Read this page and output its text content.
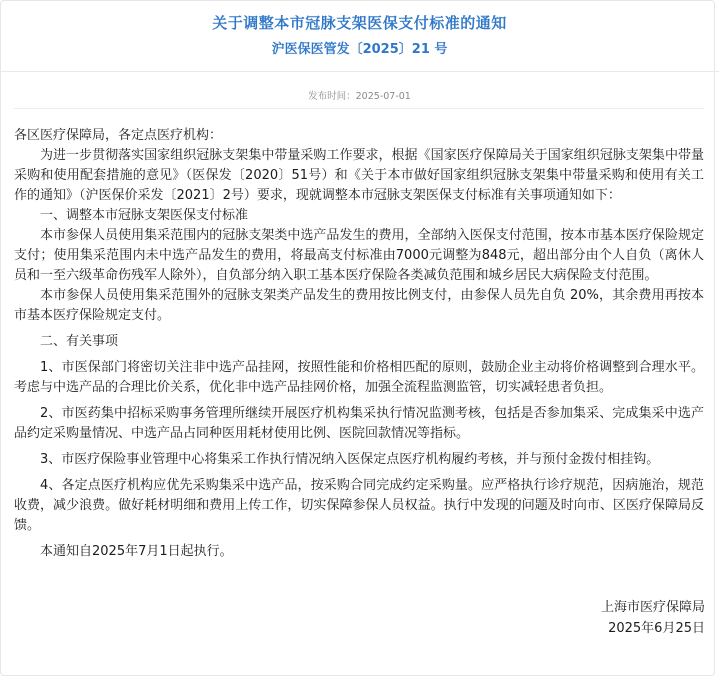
关于调整本市冠脉支架医保支付标准的通知
沪医保医管发〔2025〕21 号
发布时间：2025-07-01

各区医疗保障局，各定点医疗机构：

为进一步贯彻落实国家组织冠脉支架集中带量采购工作要求，根据《国家医疗保障局关于国家组织冠脉支架集中带量采购和使用配套措施的意见》（医保发〔2020〕51号）和《关于本市做好国家组织冠脉支架集中带量采购和使用有关工作的通知》（沪医保价采发〔2021〕2号）要求，现就调整本市冠脉支架医保支付标准有关事项通知如下：

一、调整本市冠脉支架医保支付标准

本市参保人员使用集采范围内的冠脉支架类中选产品发生的费用，全部纳入医保支付范围，按本市基本医疗保险规定支付；使用集采范围内未中选产品发生的费用，将最高支付标准由7000元调整为848元，超出部分由个人自负（离休人员和一至六级革命伤残军人除外），自负部分纳入职工基本医疗保险各类减负范围和城乡居民大病保险支付范围。

本市参保人员使用集采范围外的冠脉支架类产品发生的费用按比例支付，由参保人员先自负 20%，其余费用再按本市基本医疗保险规定支付。

二、有关事项

1、市医保部门将密切关注非中选产品挂网，按照性能和价格相匹配的原则，鼓励企业主动将价格调整到合理水平。考虑与中选产品的合理比价关系，优化非中选产品挂网价格，加强全流程监测监管，切实减轻患者负担。

2、市医药集中招标采购事务管理所继续开展医疗机构集采执行情况监测考核，包括是否参加集采、完成集采中选产品约定采购量情况、中选产品占同种医用耗材使用比例、医院回款情况等指标。

3、市医疗保险事业管理中心将集采工作执行情况纳入医保定点医疗机构履约考核，并与预付金拨付相挂钩。

4、各定点医疗机构应优先采购集采中选产品，按采购合同完成约定采购量。应严格执行诊疗规范，因病施治，规范收费，减少浪费。做好耗材明细和费用上传工作，切实保障参保人员权益。执行中发现的问题及时向市、区医疗保障局反馈。

本通知自2025年7月1日起执行。

上海市医疗保障局
2025年6月25日
